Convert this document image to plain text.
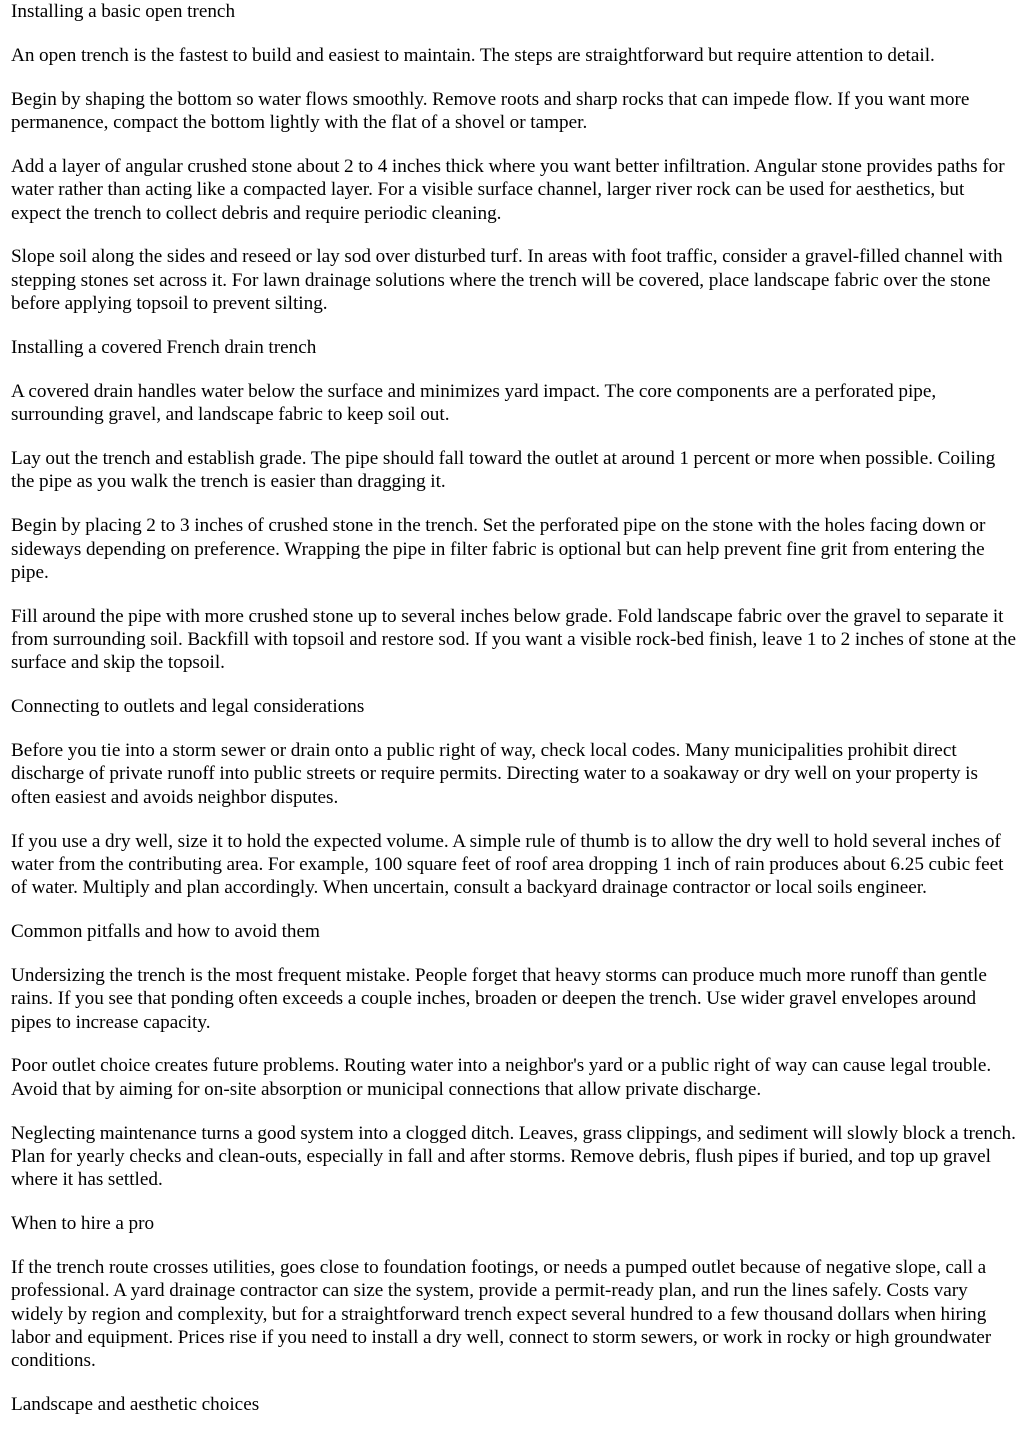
Installing a basic open trench
An open trench is the fastest to build and easiest to maintain. The steps are straightforward but require attention to detail.
Begin by shaping the bottom so water flows smoothly. Remove roots and sharp rocks that can impede flow. If you want more permanence, compact the bottom lightly with the flat of a shovel or tamper.
Add a layer of angular crushed stone about 2 to 4 inches thick where you want better infiltration. Angular stone provides paths for water rather than acting like a compacted layer. For a visible surface channel, larger river rock can be used for aesthetics, but expect the trench to collect debris and require periodic cleaning.
Slope soil along the sides and reseed or lay sod over disturbed turf. In areas with foot traffic, consider a gravel-filled channel with stepping stones set across it. For lawn drainage solutions where the trench will be covered, place landscape fabric over the stone before applying topsoil to prevent silting.
Installing a covered French drain trench
A covered drain handles water below the surface and minimizes yard impact. The core components are a perforated pipe, surrounding gravel, and landscape fabric to keep soil out.
Lay out the trench and establish grade. The pipe should fall toward the outlet at around 1 percent or more when possible. Coiling the pipe as you walk the trench is easier than dragging it.
Begin by placing 2 to 3 inches of crushed stone in the trench. Set the perforated pipe on the stone with the holes facing down or sideways depending on preference. Wrapping the pipe in filter fabric is optional but can help prevent fine grit from entering the pipe.
Fill around the pipe with more crushed stone up to several inches below grade. Fold landscape fabric over the gravel to separate it from surrounding soil. Backfill with topsoil and restore sod. If you want a visible rock-bed finish, leave 1 to 2 inches of stone at the surface and skip the topsoil.
Connecting to outlets and legal considerations
Before you tie into a storm sewer or drain onto a public right of way, check local codes. Many municipalities prohibit direct discharge of private runoff into public streets or require permits. Directing water to a soakaway or dry well on your property is often easiest and avoids neighbor disputes.
If you use a dry well, size it to hold the expected volume. A simple rule of thumb is to allow the dry well to hold several inches of water from the contributing area. For example, 100 square feet of roof area dropping 1 inch of rain produces about 6.25 cubic feet of water. Multiply and plan accordingly. When uncertain, consult a backyard drainage contractor or local soils engineer.
Common pitfalls and how to avoid them
Undersizing the trench is the most frequent mistake. People forget that heavy storms can produce much more runoff than gentle rains. If you see that ponding often exceeds a couple inches, broaden or deepen the trench. Use wider gravel envelopes around pipes to increase capacity.
Poor outlet choice creates future problems. Routing water into a neighbor's yard or a public right of way can cause legal trouble. Avoid that by aiming for on-site absorption or municipal connections that allow private discharge.
Neglecting maintenance turns a good system into a clogged ditch. Leaves, grass clippings, and sediment will slowly block a trench. Plan for yearly checks and clean-outs, especially in fall and after storms. Remove debris, flush pipes if buried, and top up gravel where it has settled.
When to hire a pro
If the trench route crosses utilities, goes close to foundation footings, or needs a pumped outlet because of negative slope, call a professional. A yard drainage contractor can size the system, provide a permit-ready plan, and run the lines safely. Costs vary widely by region and complexity, but for a straightforward trench expect several hundred to a few thousand dollars when hiring labor and equipment. Prices rise if you need to install a dry well, connect to storm sewers, or work in rocky or high groundwater conditions.
Landscape and aesthetic choices
